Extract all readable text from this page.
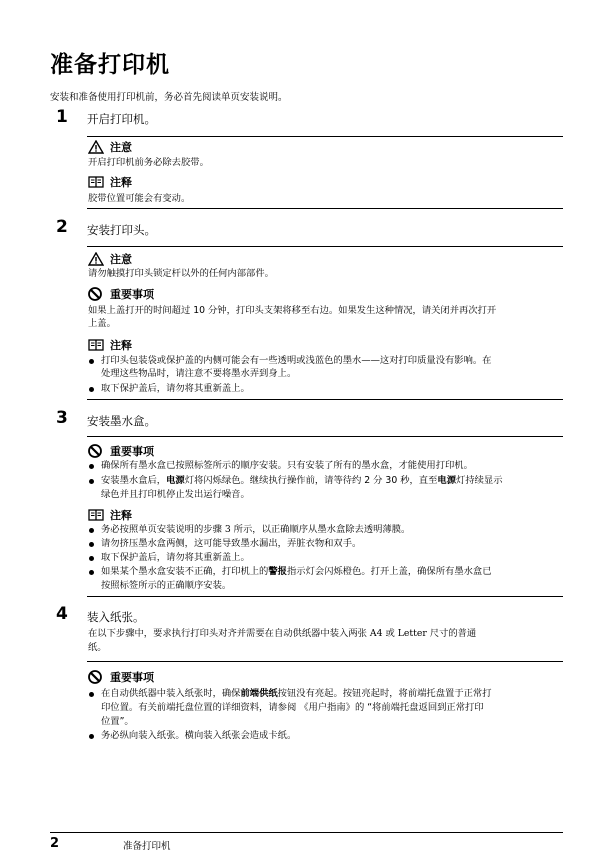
准备打印机
安装和准备使用打印机前，务必首先阅读单页安装说明。
1 开启打印机。
注意
开启打印机前务必除去胶带。
注释
胶带位置可能会有变动。
2 安装打印头。
注意
请勿触摸打印头锁定杆以外的任何内部部件。
重要事项
如果上盖打开的时间超过 10 分钟，打印头支架将移至右边。如果发生这种情况，请关闭并再次打开
上盖。
注释
打印头包装袋或保护盖的内侧可能会有一些透明或浅蓝色的墨水——这对打印质量没有影响。在
处理这些物品时，请注意不要将墨水弄到身上。
取下保护盖后，请勿将其重新盖上。
3 安装墨水盒。
重要事项
确保所有墨水盒已按照标签所示的顺序安装。只有安装了所有的墨水盒，才能使用打印机。
安装墨水盒后，电源灯将闪烁绿色。继续执行操作前，请等待约 2 分 30 秒，直至电源灯持续显示
绿色并且打印机停止发出运行噪音。
注释
务必按照单页安装说明的步骤 3 所示，以正确顺序从墨水盒除去透明薄膜。
请勿挤压墨水盒两侧，这可能导致墨水漏出，弄脏衣物和双手。
取下保护盖后，请勿将其重新盖上。
如果某个墨水盒安装不正确，打印机上的警报指示灯会闪烁橙色。打开上盖，确保所有墨水盒已
按照标签所示的正确顺序安装。
4 装入纸张。
在以下步骤中，要求执行打印头对齐并需要在自动供纸器中装入两张 A4 或 Letter 尺寸的普通
纸。
重要事项
在自动供纸器中装入纸张时，确保前端供纸按钮没有亮起。按钮亮起时，将前端托盘置于正常打
印位置。有关前端托盘位置的详细资料，请参阅 《用户指南》的 “将前端托盘返回到正常打印
位置”。
务必纵向装入纸张。横向装入纸张会造成卡纸。
2	准备打印机
